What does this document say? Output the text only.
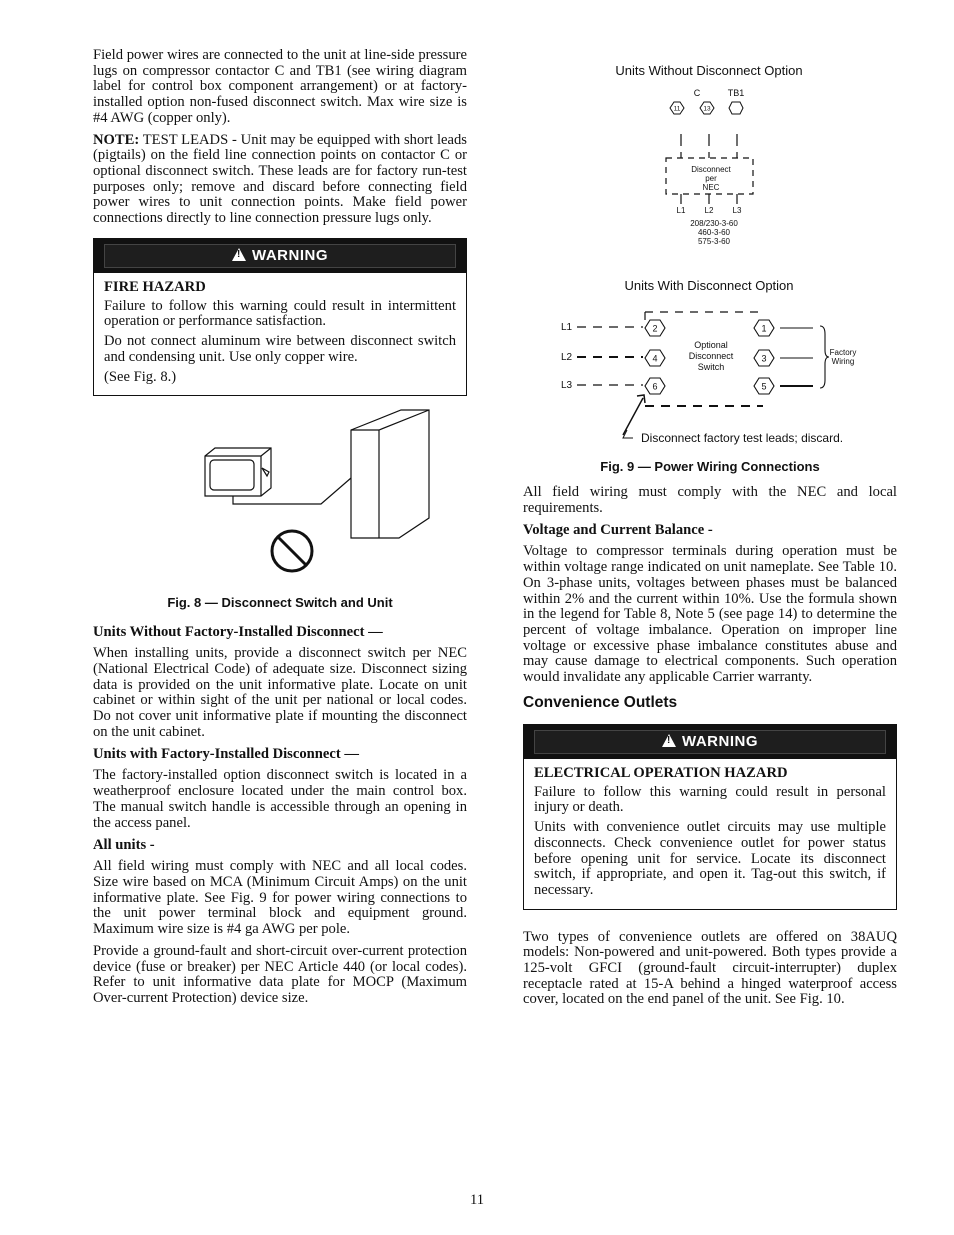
Field power wires are connected to the unit at line-side pressure lugs on compressor contactor C and TB1 (see wiring diagram label for control box component arrangement) or at factory-installed option non-fused disconnect switch. Max wire size is #4 AWG (copper only).

NOTE: TEST LEADS - Unit may be equipped with short leads (pigtails) on the field line connection points on contactor C or optional disconnect switch. These leads are for factory run-test purposes only; remove and discard before connecting field power wires to unit connection points. Make field power connections directly to line connection pressure lugs only.

!WARNING
FIRE HAZARD

Failure to follow this warning could result in intermittent operation or performance satisfaction.

Do not connect aluminum wire between disconnect switch and condensing unit. Use only copper wire.

(See Fig. 8.)

Fig. 8 — Disconnect Switch and Unit
Units Without Factory-Installed Disconnect —

When installing units, provide a disconnect switch per NEC (National Electrical Code) of adequate size. Disconnect sizing data is provided on the unit informative plate. Locate on unit cabinet or within sight of the unit per national or local codes. Do not cover unit informative plate if mounting the disconnect on the unit cabinet.

Units with Factory-Installed Disconnect —

The factory-installed option disconnect switch is located in a weatherproof enclosure located under the main control box. The manual switch handle is accessible through an opening in the access panel.

All units -

All field wiring must comply with NEC and all local codes. Size wire based on MCA (Minimum Circuit Amps) on the unit informative plate. See Fig. 9 for power wiring connections to the unit power terminal block and equipment ground. Maximum wire size is #4 ga AWG per pole.

Provide a ground-fault and short-circuit over-current protection device (fuse or breaker) per NEC Article 440 (or local codes). Refer to unit informative data plate for MOCP (Maximum Over-current Protection) device size.

Units Without Disconnect Option
C	TB1
11	13
Disconnect
per
NEC
L1 L2 L3
208/230-3-60
460-3-60
575-3-60
Units With Disconnect Option
L1
L2
L3
2
4
6
1
3
5
Optional
Disconnect
Switch
Factory
Wiring
Disconnect factory test leads; discard.
Fig. 9 — Power Wiring Connections

All field wiring must comply with the NEC and local requirements.

Voltage and Current Balance -

Voltage to compressor terminals during operation must be within voltage range indicated on unit nameplate. See Table 10. On 3-phase units, voltages between phases must be balanced within 2% and the current within 10%. Use the formula shown in the legend for Table 8, Note 5 (see page 14) to determine the percent of voltage imbalance. Operation on improper line voltage or excessive phase imbalance constitutes abuse and may cause damage to electrical components. Such operation would invalidate any applicable Carrier warranty.

Convenience Outlets
!WARNING
ELECTRICAL OPERATION HAZARD

Failure to follow this warning could result in personal injury or death.

Units with convenience outlet circuits may use multiple disconnects. Check convenience outlet for power status before opening unit for service. Locate its disconnect switch, if appropriate, and open it. Tag-out this switch, if necessary.

Two types of convenience outlets are offered on 38AUQ models: Non-powered and unit-powered. Both types provide a 125-volt GFCI (ground-fault circuit-interrupter) duplex receptacle rated at 15-A behind a hinged waterproof access cover, located on the end panel of the unit. See Fig. 10.

11
